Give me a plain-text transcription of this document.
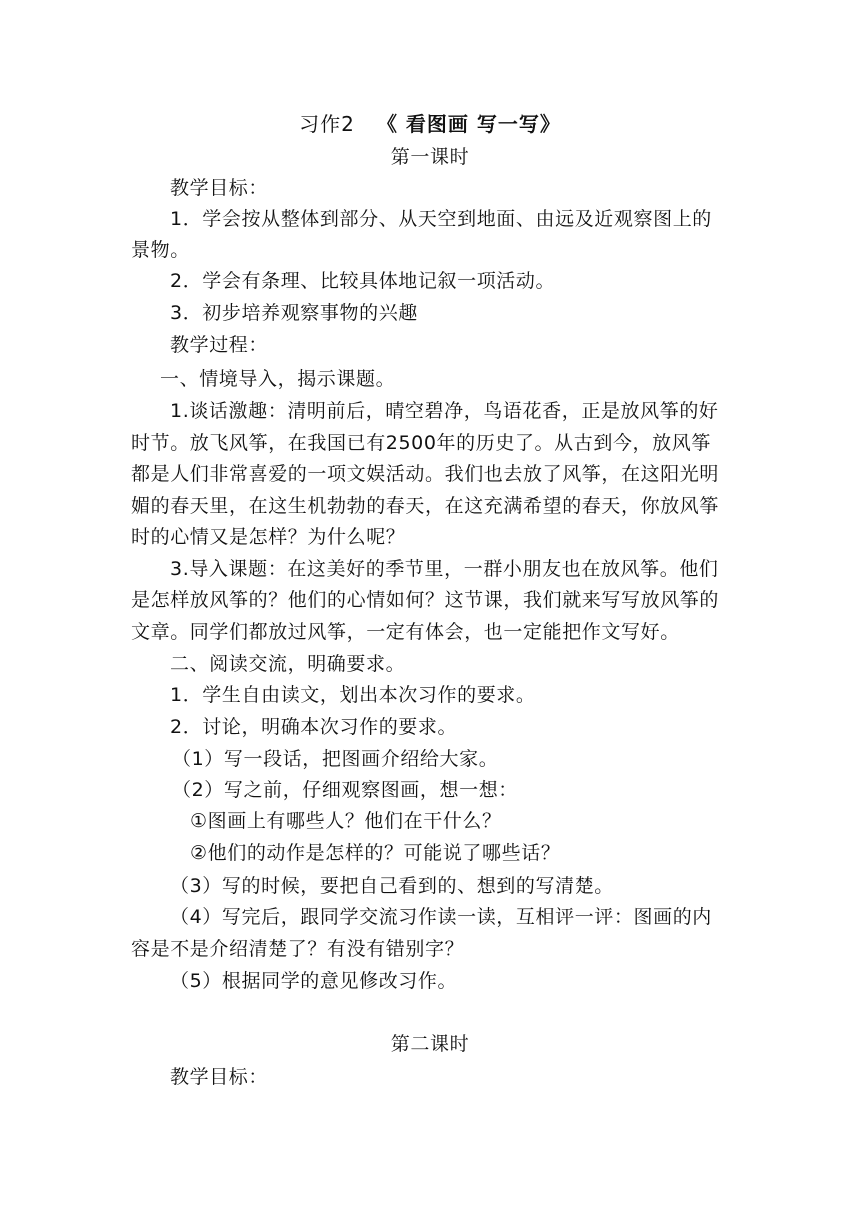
习作2 《 看图画 写一写》
第一课时
教学目标：
1．学会按从整体到部分、从天空到地面、由远及近观察图上的
景物。
2．学会有条理、比较具体地记叙一项活动。
3．初步培养观察事物的兴趣
教学过程：
一、情境导入，揭示课题。
1.谈话激趣：清明前后，晴空碧净，鸟语花香，正是放风筝的好
时节。放飞风筝，在我国已有2500年的历史了。从古到今，放风筝
都是人们非常喜爱的一项文娱活动。我们也去放了风筝，在这阳光明
媚的春天里，在这生机勃勃的春天，在这充满希望的春天，你放风筝
时的心情又是怎样？为什么呢？
3.导入课题：在这美好的季节里，一群小朋友也在放风筝。他们
是怎样放风筝的？他们的心情如何？这节课，我们就来写写放风筝的
文章。同学们都放过风筝，一定有体会，也一定能把作文写好。
二、阅读交流，明确要求。
1．学生自由读文，划出本次习作的要求。
2．讨论，明确本次习作的要求。
（1）写一段话，把图画介绍给大家。
（2）写之前，仔细观察图画，想一想：
①图画上有哪些人？他们在干什么？
②他们的动作是怎样的？可能说了哪些话？
（3）写的时候，要把自己看到的、想到的写清楚。
（4）写完后，跟同学交流习作读一读，互相评一评：图画的内
容是不是介绍清楚了？有没有错别字？
（5）根据同学的意见修改习作。
第二课时
教学目标：
